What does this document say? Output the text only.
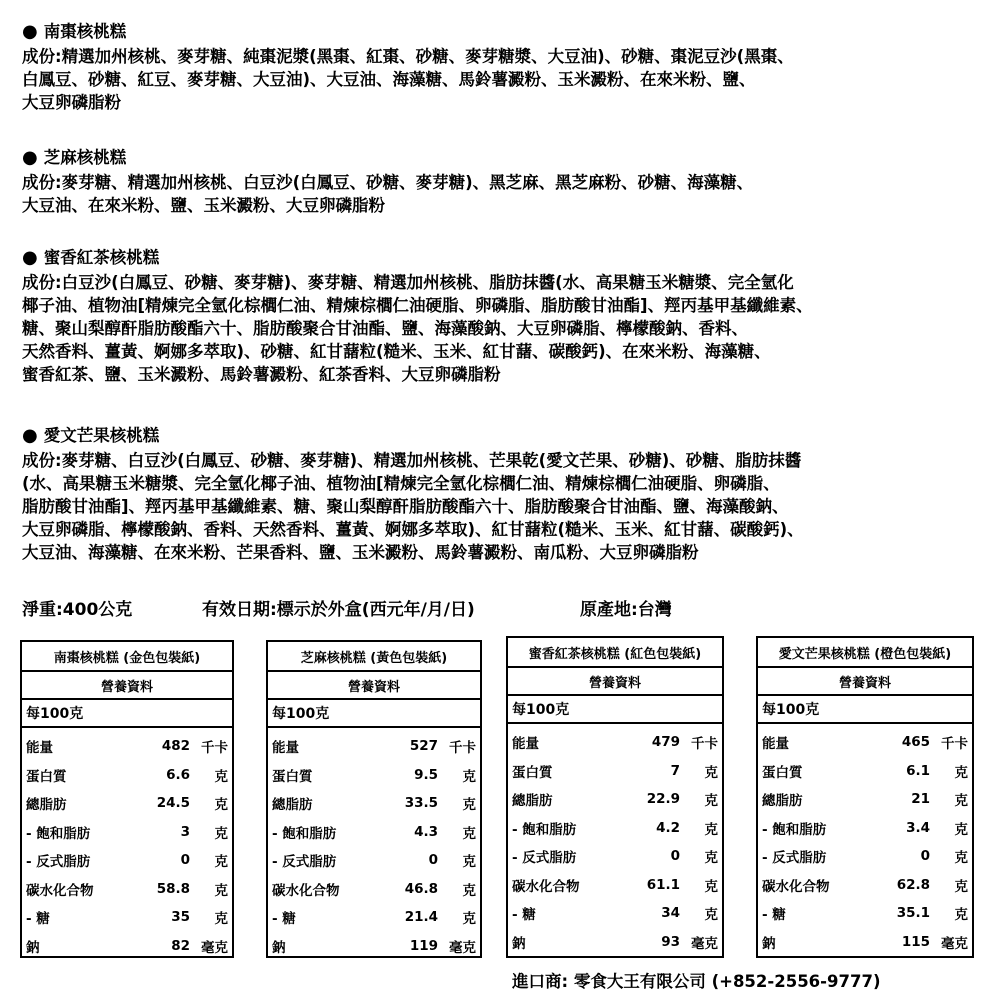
● 南棗核桃糕
成份:精選加州核桃、麥芽糖、純棗泥漿(黑棗、紅棗、砂糖、麥芽糖漿、大豆油)、砂糖、棗泥豆沙(黑棗、
白鳳豆、砂糖、紅豆、麥芽糖、大豆油)、大豆油、海藻糖、馬鈴薯澱粉、玉米澱粉、在來米粉、鹽、
大豆卵磷脂粉
● 芝麻核桃糕
成份:麥芽糖、精選加州核桃、白豆沙(白鳳豆、砂糖、麥芽糖)、黑芝麻、黑芝麻粉、砂糖、海藻糖、
大豆油、在來米粉、鹽、玉米澱粉、大豆卵磷脂粉
● 蜜香紅茶核桃糕
成份:白豆沙(白鳳豆、砂糖、麥芽糖)、麥芽糖、精選加州核桃、脂肪抹醬(水、高果糖玉米糖漿、完全氫化
椰子油、植物油[精煉完全氫化棕櫚仁油、精煉棕櫚仁油硬脂、卵磷脂、脂肪酸甘油酯]、羥丙基甲基纖維素、
糖、聚山梨醇酐脂肪酸酯六十、脂肪酸聚合甘油酯、鹽、海藻酸鈉、大豆卵磷脂、檸檬酸鈉、香料、
天然香料、薑黃、婀娜多萃取)、砂糖、紅甘藷粒(糙米、玉米、紅甘藷、碳酸鈣)、在來米粉、海藻糖、
蜜香紅茶、鹽、玉米澱粉、馬鈴薯澱粉、紅茶香料、大豆卵磷脂粉
● 愛文芒果核桃糕
成份:麥芽糖、白豆沙(白鳳豆、砂糖、麥芽糖)、精選加州核桃、芒果乾(愛文芒果、砂糖)、砂糖、脂肪抹醬
(水、高果糖玉米糖漿、完全氫化椰子油、植物油[精煉完全氫化棕櫚仁油、精煉棕櫚仁油硬脂、卵磷脂、
脂肪酸甘油酯]、羥丙基甲基纖維素、糖、聚山梨醇酐脂肪酸酯六十、脂肪酸聚合甘油酯、鹽、海藻酸鈉、
大豆卵磷脂、檸檬酸鈉、香料、天然香料、薑黃、婀娜多萃取)、紅甘藷粒(糙米、玉米、紅甘藷、碳酸鈣)、
大豆油、海藻糖、在來米粉、芒果香料、鹽、玉米澱粉、馬鈴薯澱粉、南瓜粉、大豆卵磷脂粉
淨重:400公克	有效日期:標示於外盒(西元年/月/日)	原產地:台灣
南棗核桃糕 (金色包裝紙)
營養資料
每100克
能量	482 千卡
蛋白質	6.6	克
總脂肪	24.5	克
- 飽和脂肪	3	克
- 反式脂肪	0	克
碳水化合物	58.8	克
- 糖	35	克
鈉	82 毫克
芝麻核桃糕 (黃色包裝紙)
營養資料
每100克
能量	527 千卡
蛋白質	9.5	克
總脂肪	33.5	克
- 飽和脂肪	4.3	克
- 反式脂肪	0	克
碳水化合物	46.8	克
- 糖	21.4	克
鈉	119 毫克
蜜香紅茶核桃糕 (紅色包裝紙)
營養資料
每100克
能量	479 千卡
蛋白質	7	克
總脂肪	22.9	克
- 飽和脂肪	4.2	克
- 反式脂肪	0	克
碳水化合物	61.1	克
- 糖	34	克
鈉	93 毫克
愛文芒果核桃糕 (橙色包裝紙)
營養資料
每100克
能量	465 千卡
蛋白質	6.1	克
總脂肪	21	克
- 飽和脂肪	3.4	克
- 反式脂肪	0	克
碳水化合物	62.8	克
- 糖	35.1	克
鈉	115 毫克
進口商: 零食大王有限公司 (+852-2556-9777)
